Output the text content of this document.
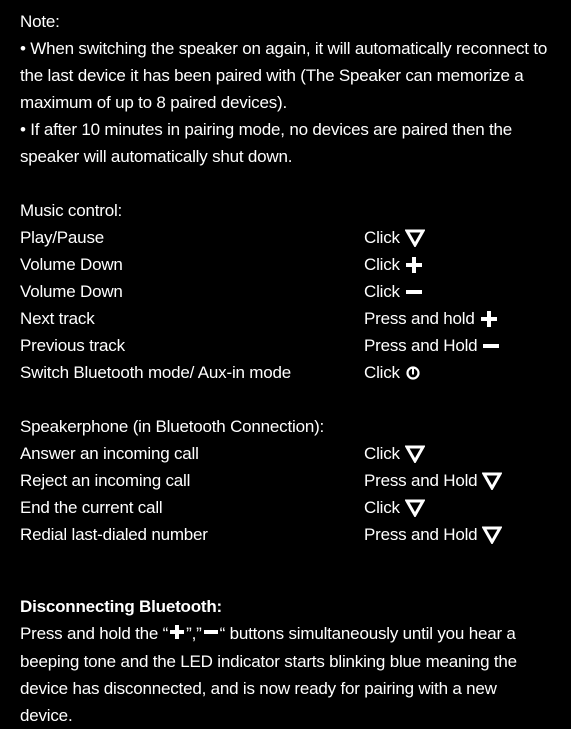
Note:

• When switching the speaker on again, it will automatically reconnect to the last device it has been paired with (The Speaker can memorize a maximum of up to 8 paired devices).

• If after 10 minutes in pairing mode, no devices are paired then the speaker will automatically shut down.

Music control:
Play/Pause	Click
Volume Down	Click
Volume Down	Click
Next track	Press and hold
Previous track	Press and Hold
Switch Bluetooth mode/ Aux-in mode	Click
Speakerphone (in Bluetooth Connection):
Answer an incoming call	Click
Reject an incoming call	Press and Hold
End the current call	Click
Redial last-dialed number	Press and Hold
Disconnecting Bluetooth:
Press and hold the “ ”,” “ buttons simultaneously until you hear a beeping tone and the LED indicator starts blinking blue meaning the device has disconnected, and is now ready for pairing with a new device.
